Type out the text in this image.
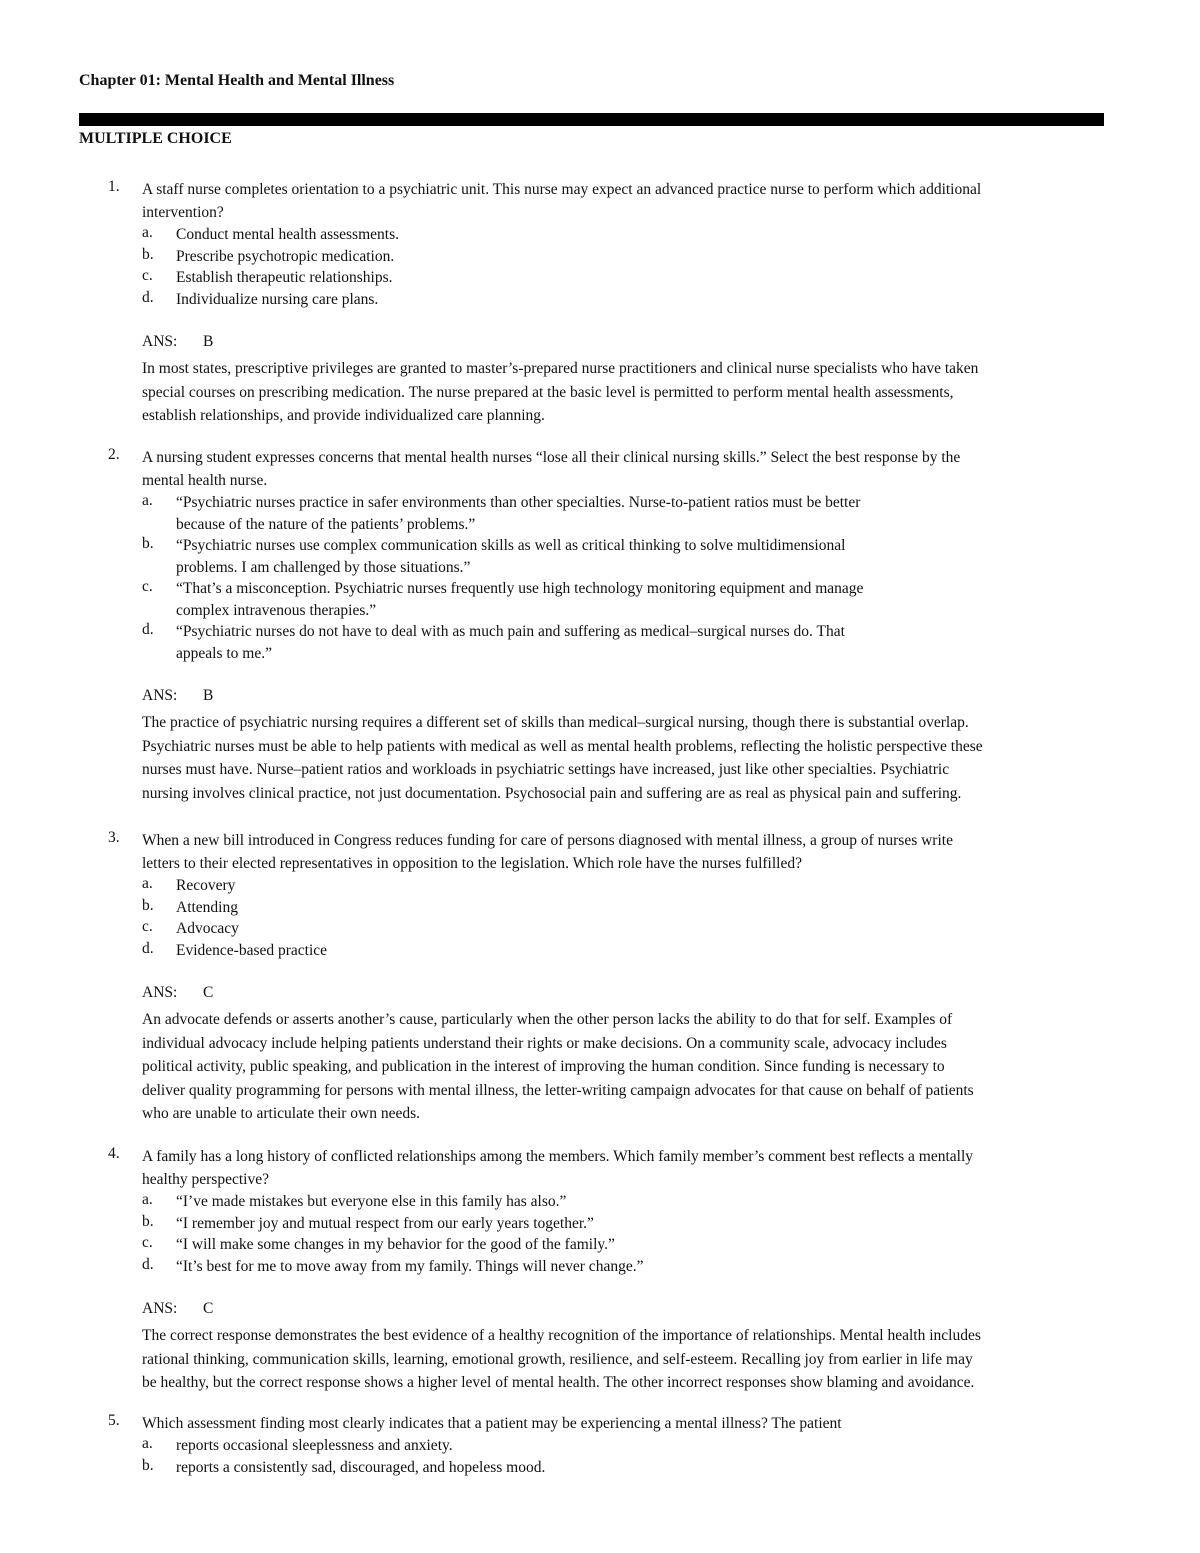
Chapter 01: Mental Health and Mental Illness
MULTIPLE CHOICE
1. A staff nurse completes orientation to a psychiatric unit. This nurse may expect an advanced practice nurse to perform which additional
intervention?
a. Conduct mental health assessments.
b. Prescribe psychotropic medication.
c. Establish therapeutic relationships.
d. Individualize nursing care plans.
ANS: B
In most states, prescriptive privileges are granted to master’s-prepared nurse practitioners and clinical nurse specialists who have taken
special courses on prescribing medication. The nurse prepared at the basic level is permitted to perform mental health assessments,
establish relationships, and provide individualized care planning.
2. A nursing student expresses concerns that mental health nurses “lose all their clinical nursing skills.” Select the best response by the
mental health nurse.
a. “Psychiatric nurses practice in safer environments than other specialties. Nurse-to-patient ratios must be better
because of the nature of the patients’ problems.”
b. “Psychiatric nurses use complex communication skills as well as critical thinking to solve multidimensional
problems. I am challenged by those situations.”
c. “That’s a misconception. Psychiatric nurses frequently use high technology monitoring equipment and manage
complex intravenous therapies.”
d. “Psychiatric nurses do not have to deal with as much pain and suffering as medical–surgical nurses do. That
appeals to me.”
ANS: B
The practice of psychiatric nursing requires a different set of skills than medical–surgical nursing, though there is substantial overlap.
Psychiatric nurses must be able to help patients with medical as well as mental health problems, reflecting the holistic perspective these
nurses must have. Nurse–patient ratios and workloads in psychiatric settings have increased, just like other specialties. Psychiatric
nursing involves clinical practice, not just documentation. Psychosocial pain and suffering are as real as physical pain and suffering.
3. When a new bill introduced in Congress reduces funding for care of persons diagnosed with mental illness, a group of nurses write
letters to their elected representatives in opposition to the legislation. Which role have the nurses fulfilled?
a. Recovery
b. Attending
c. Advocacy
d. Evidence-based practice
ANS: C
An advocate defends or asserts another’s cause, particularly when the other person lacks the ability to do that for self. Examples of
individual advocacy include helping patients understand their rights or make decisions. On a community scale, advocacy includes
political activity, public speaking, and publication in the interest of improving the human condition. Since funding is necessary to
deliver quality programming for persons with mental illness, the letter-writing campaign advocates for that cause on behalf of patients
who are unable to articulate their own needs.
4. A family has a long history of conflicted relationships among the members. Which family member’s comment best reflects a mentally
healthy perspective?
a. “I’ve made mistakes but everyone else in this family has also.”
b. “I remember joy and mutual respect from our early years together.”
c. “I will make some changes in my behavior for the good of the family.”
d. “It’s best for me to move away from my family. Things will never change.”
ANS: C
The correct response demonstrates the best evidence of a healthy recognition of the importance of relationships. Mental health includes
rational thinking, communication skills, learning, emotional growth, resilience, and self-esteem. Recalling joy from earlier in life may
be healthy, but the correct response shows a higher level of mental health. The other incorrect responses show blaming and avoidance.
5. Which assessment finding most clearly indicates that a patient may be experiencing a mental illness? The patient
a. reports occasional sleeplessness and anxiety.
b. reports a consistently sad, discouraged, and hopeless mood.
